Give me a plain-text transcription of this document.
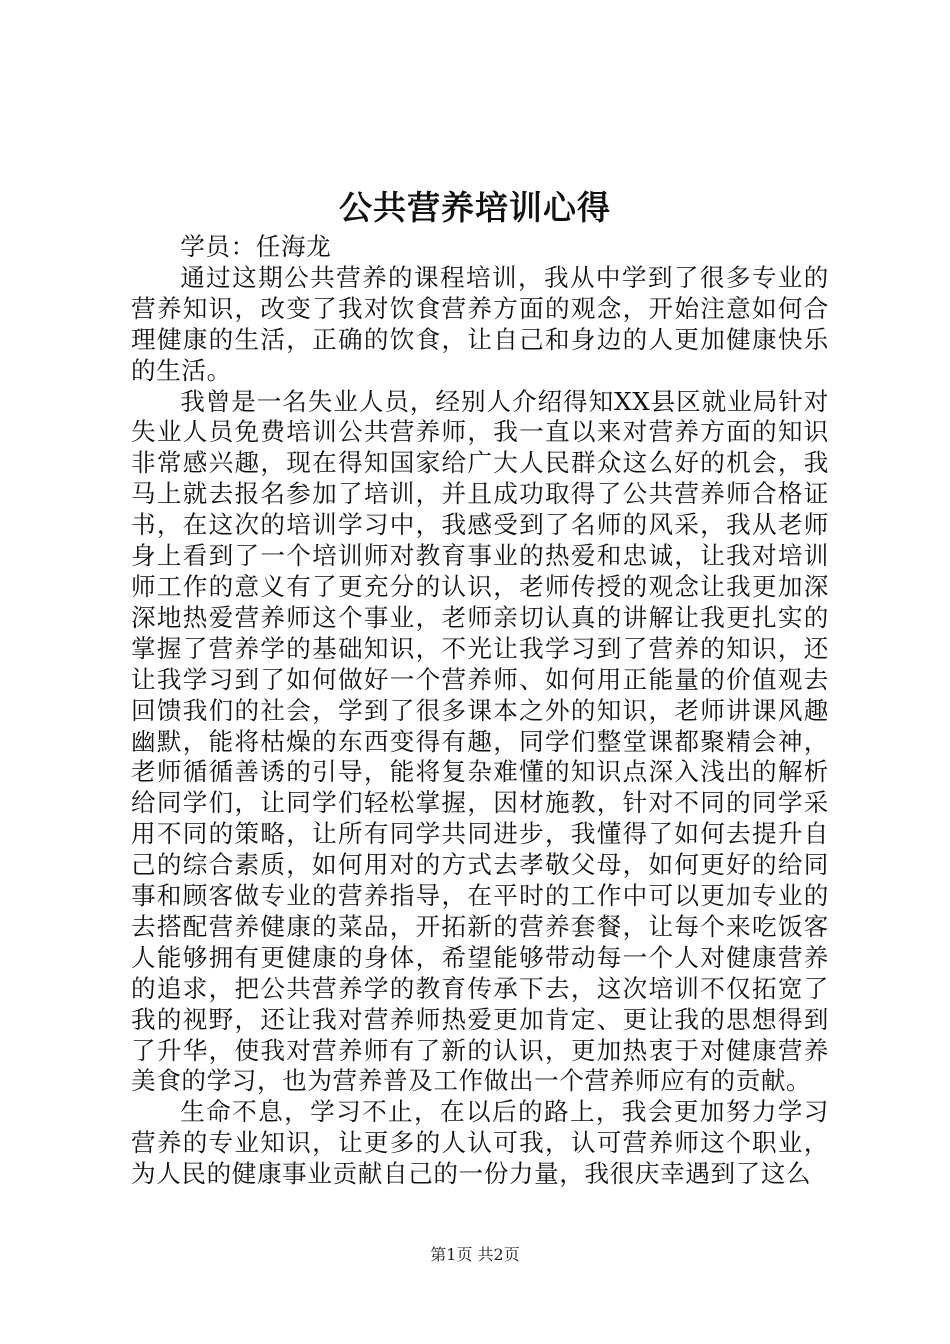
公共营养培训心得

学员：任海龙

通过这期公共营养的课程培训，我从中学到了很多专业的营养知识，改变了我对饮食营养方面的观念，开始注意如何合理健康的生活，正确的饮食，让自己和身边的人更加健康快乐的生活。

我曾是一名失业人员，经别人介绍得知XX县区就业局针对失业人员免费培训公共营养师，我一直以来对营养方面的知识非常感兴趣，现在得知国家给广大人民群众这么好的机会，我马上就去报名参加了培训，并且成功取得了公共营养师合格证书，在这次的培训学习中，我感受到了名师的风采，我从老师身上看到了一个培训师对教育事业的热爱和忠诚，让我对培训师工作的意义有了更充分的认识，老师传授的观念让我更加深深地热爱营养师这个事业，老师亲切认真的讲解让我更扎实的掌握了营养学的基础知识，不光让我学习到了营养的知识，还让我学习到了如何做好一个营养师、如何用正能量的价值观去回馈我们的社会，学到了很多课本之外的知识，老师讲课风趣幽默，能将枯燥的东西变得有趣，同学们整堂课都聚精会神，老师循循善诱的引导，能将复杂难懂的知识点深入浅出的解析给同学们，让同学们轻松掌握，因材施教，针对不同的同学采用不同的策略，让所有同学共同进步，我懂得了如何去提升自己的综合素质，如何用对的方式去孝敬父母，如何更好的给同事和顾客做专业的营养指导，在平时的工作中可以更加专业的去搭配营养健康的菜品，开拓新的营养套餐，让每个来吃饭客人能够拥有更健康的身体，希望能够带动每一个人对健康营养的追求，把公共营养学的教育传承下去，这次培训不仅拓宽了我的视野，还让我对营养师热爱更加肯定、更让我的思想得到了升华，使我对营养师有了新的认识，更加热衷于对健康营养美食的学习，也为营养普及工作做出一个营养师应有的贡献。

生命不息，学习不止，在以后的路上，我会更加努力学习营养的专业知识，让更多的人认可我，认可营养师这个职业，为人民的健康事业贡献自己的一份力量，我很庆幸遇到了这么

第1页 共2页
